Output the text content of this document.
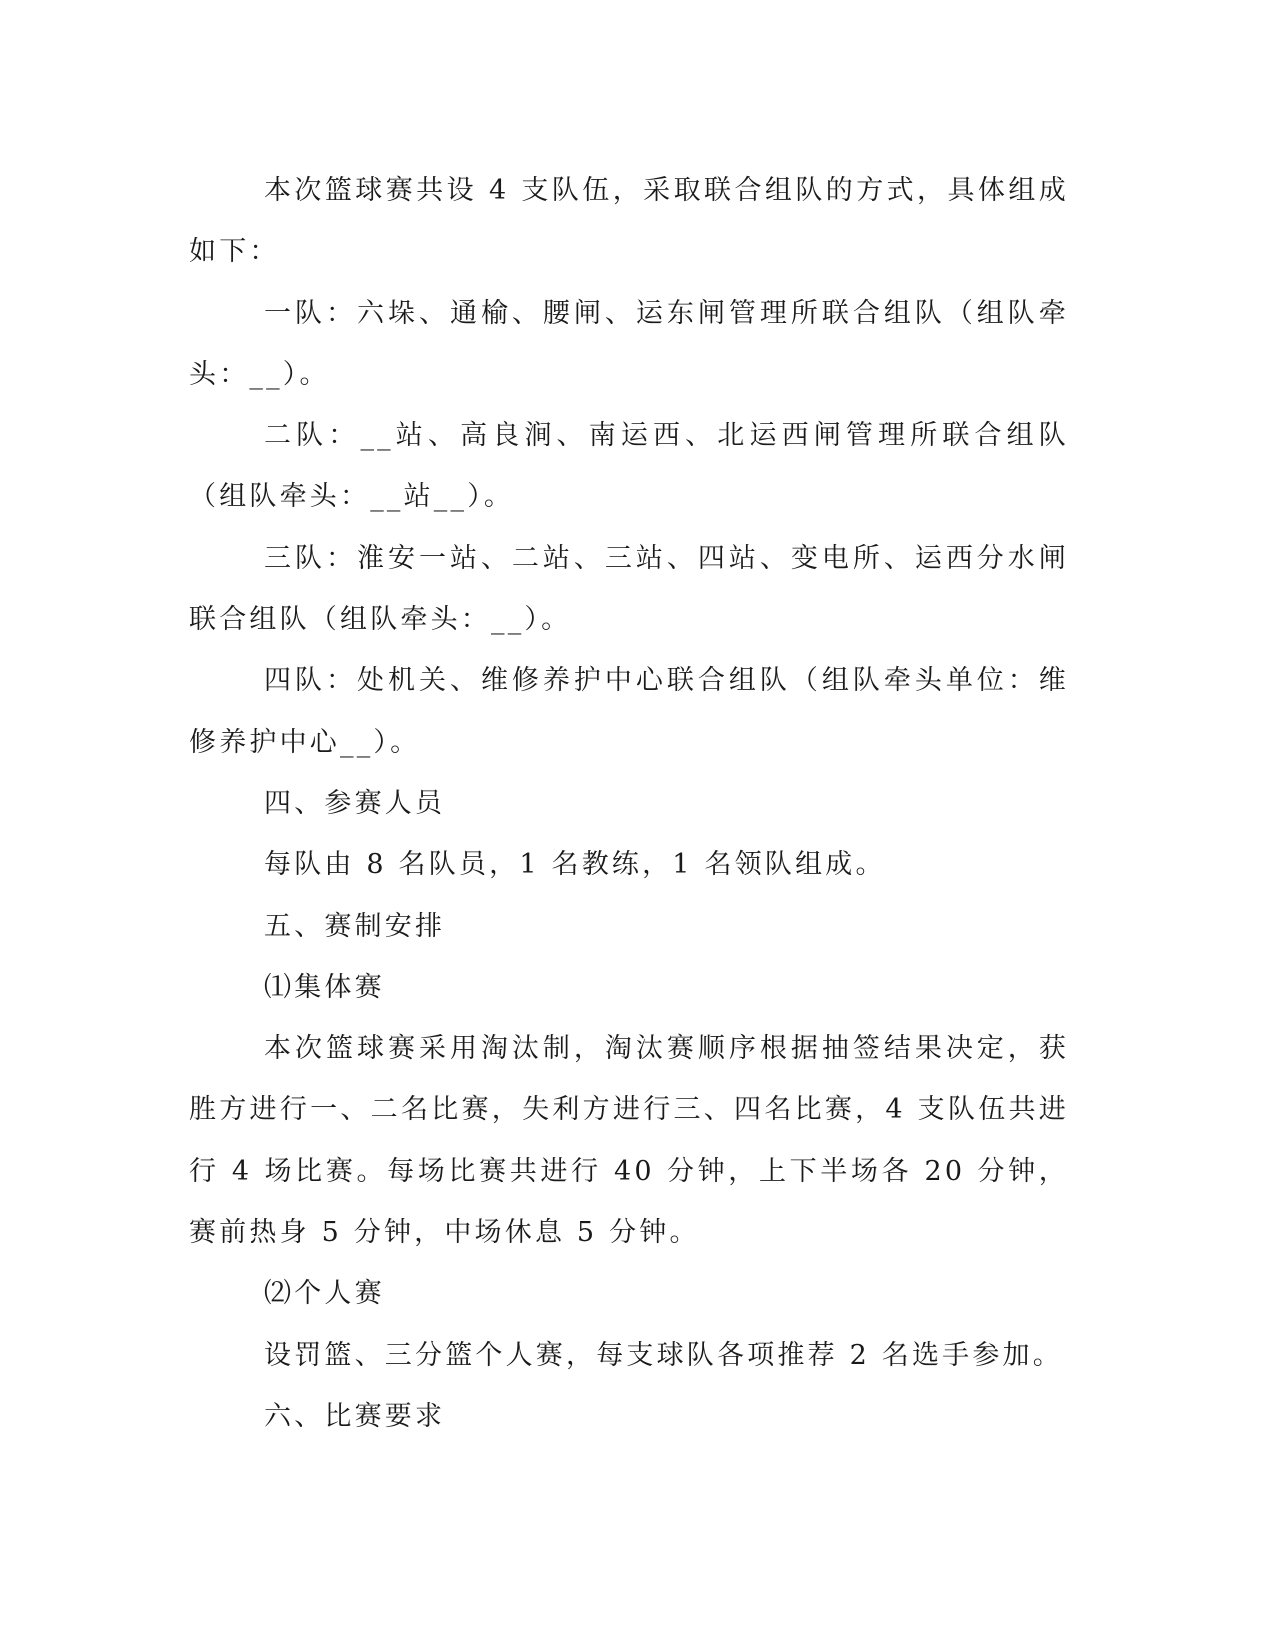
本次篮球赛共设 4 支队伍，采取联合组队的方式，具体组成如下：

一队：六垛、通榆、腰闸、运东闸管理所联合组队（组队牵头：__）。

二队：__站、高良涧、南运西、北运西闸管理所联合组队（组队牵头：__站__）。

三队：淮安一站、二站、三站、四站、变电所、运西分水闸联合组队（组队牵头：__）。

四队：处机关、维修养护中心联合组队（组队牵头单位：维修养护中心__）。

四、参赛人员

每队由 8 名队员，1 名教练，1 名领队组成。

五、赛制安排

⑴集体赛

本次篮球赛采用淘汰制，淘汰赛顺序根据抽签结果决定，获胜方进行一、二名比赛，失利方进行三、四名比赛，4 支队伍共进行 4 场比赛。每场比赛共进行 40 分钟，上下半场各 20 分钟，赛前热身 5 分钟，中场休息 5 分钟。

⑵个人赛

设罚篮、三分篮个人赛，每支球队各项推荐 2 名选手参加。

六、比赛要求
